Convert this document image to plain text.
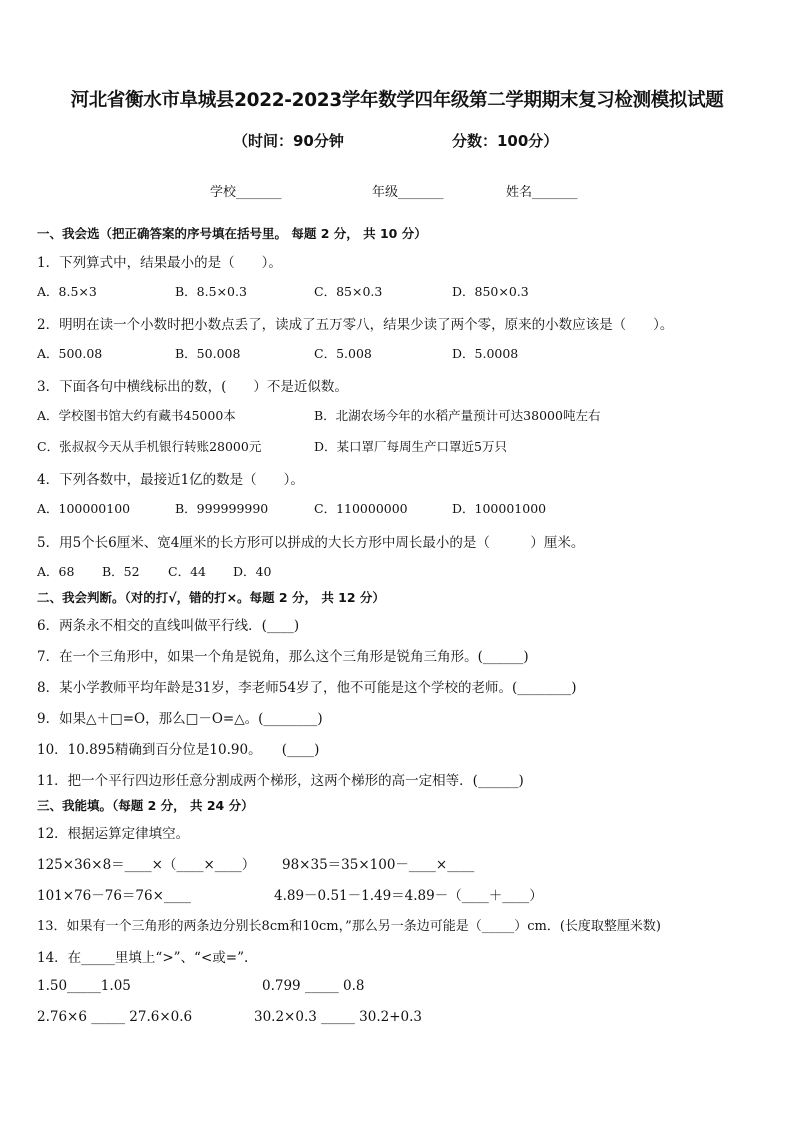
河北省衡水市阜城县2022-2023学年数学四年级第二学期期末复习检测模拟试题
（时间：90分钟	分数：100分）
学校_______	年级_______	姓名_______
一、我会选（把正确答案的序号填在括号里。 每题 2 分， 共 10 分）
1．下列算式中，结果最小的是（　　）。
A．8.5×3	B．8.5×0.3	C．85×0.3	D．850×0.3
2．明明在读一个小数时把小数点丢了，读成了五万零八，结果少读了两个零，原来的小数应该是（　　）。
A．500.08	B．50.008	C．5.008	D．5.0008
3．下面各句中横线标出的数，(　　）不是近似数。
A．学校图书馆大约有藏书45000本	B．北湖农场今年的水稻产量预计可达38000吨左右
C．张叔叔今天从手机银行转账28000元	D．某口罩厂每周生产口罩近5万只
4．下列各数中，最接近1亿的数是（　　）。
A．100000100	B．999999990	C．110000000	D．100001000
5．用5个长6厘米、宽4厘米的长方形可以拼成的大长方形中周长最小的是（　　　）厘米。
A．68 B．52 C．44 D．40
二、我会判断。（对的打√，错的打×。每题 2 分， 共 12 分）
6．两条永不相交的直线叫做平行线．(____)
7．在一个三角形中，如果一个角是锐角，那么这个三角形是锐角三角形。(______)
8．某小学教师平均年龄是31岁，李老师54岁了，他不可能是这个学校的老师。(________)
9．如果△＋□=O，那么□－O=△。(________)
10．10.895精确到百分位是10.90。　　(____)
11．把一个平行四边形任意分割成两个梯形，这两个梯形的高一定相等．(______)
三、我能填。（每题 2 分， 共 24 分）
12．根据运算定律填空。
125×36×8＝____×（____×____） 98×35＝35×100－____×____
101×76－76＝76×____	4.89－0.51－1.49＝4.89－（____＋____）
13．如果有一个三角形的两条边分别长8cm和10cm，”那么另一条边可能是（_____）cm．(长度取整厘米数)
14．在_____里填上“>”、“<或=”.
1.50_____1.05	0.799 _____ 0.8
2.76×6 _____ 27.6×0.6	30.2×0.3 _____ 30.2+0.3
